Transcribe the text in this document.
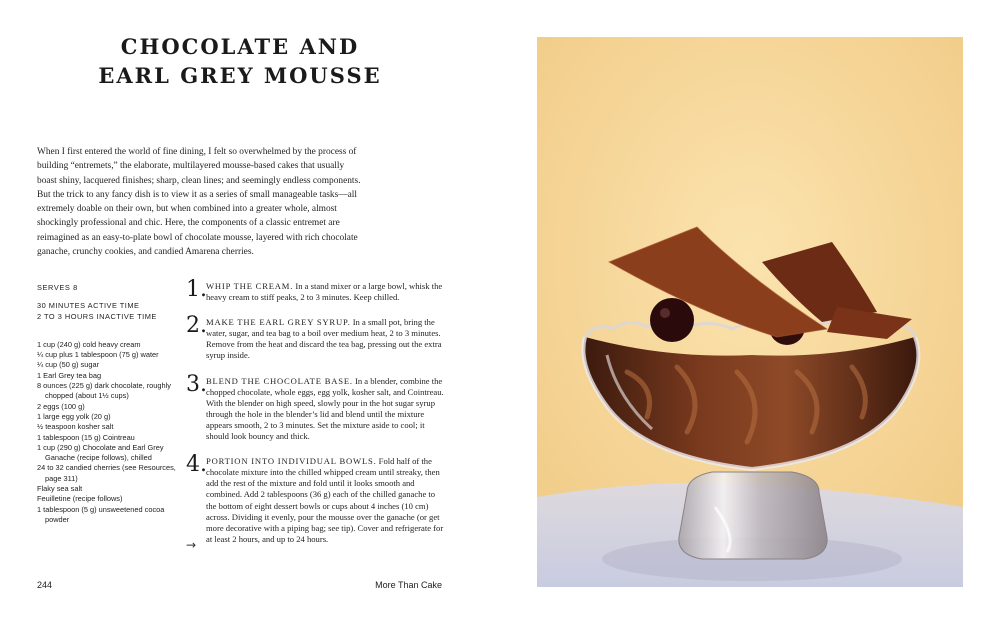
CHOCOLATE AND
EARL GREY MOUSSE

When I first entered the world of fine dining, I felt so overwhelmed by the process of building “entremets,” the elaborate, multilayered mousse-based cakes that usually boast shiny, lacquered finishes; sharp, clean lines; and seemingly endless components. But the trick to any fancy dish is to view it as a series of small manageable tasks—all extremely doable on their own, but when combined into a greater whole, almost shockingly professional and chic. Here, the components of a classic entremet are reimagined as an easy-to-plate bowl of chocolate mousse, layered with rich chocolate ganache, crunchy cookies, and candied Amarena cherries.

SERVES 8
30 MINUTES ACTIVE TIME
2 TO 3 HOURS INACTIVE TIME
1 cup (240 g) cold heavy cream
¼ cup plus 1 tablespoon (75 g) water
¼ cup (50 g) sugar
1 Earl Grey tea bag
8 ounces (225 g) dark chocolate, roughly chopped (about 1½ cups)
2 eggs (100 g)
1 large egg yolk (20 g)
½ teaspoon kosher salt
1 tablespoon (15 g) Cointreau
1 cup (290 g) Chocolate and Earl Grey Ganache (recipe follows), chilled
24 to 32 candied cherries (see Resources, page 311)
Flaky sea salt
Feuilletine (recipe follows)
1 tablespoon (5 g) unsweetened cocoa powder
1. WHIP THE CREAM. In a stand mixer or a large bowl, whisk the heavy cream to stiff peaks, 2 to 3 minutes. Keep chilled.
2. MAKE THE EARL GREY SYRUP. In a small pot, bring the water, sugar, and tea bag to a boil over medium heat, 2 to 3 minutes. Remove from the heat and discard the tea bag, pressing out the extra syrup inside.
3. BLEND THE CHOCOLATE BASE. In a blender, combine the chopped chocolate, whole eggs, egg yolk, kosher salt, and Cointreau. With the blender on high speed, slowly pour in the hot sugar syrup through the hole in the blender’s lid and blend until the mixture appears smooth, 2 to 3 minutes. Set the mixture aside to cool; it should look bouncy and thick.
4. PORTION INTO INDIVIDUAL BOWLS. Fold half of the chocolate mixture into the chilled whipped cream until streaky, then add the rest of the mixture and fold until it looks smooth and combined. Add 2 tablespoons (36 g) each of the chilled ganache to the bottom of eight dessert bowls or cups about 4 inches (10 cm) across. Dividing it evenly, pour the mousse over the ganache (or get more decorative with a piping bag; see tip). Cover and refrigerate for at least 2 hours, and up to 24 hours.
→
244	More Than Cake
